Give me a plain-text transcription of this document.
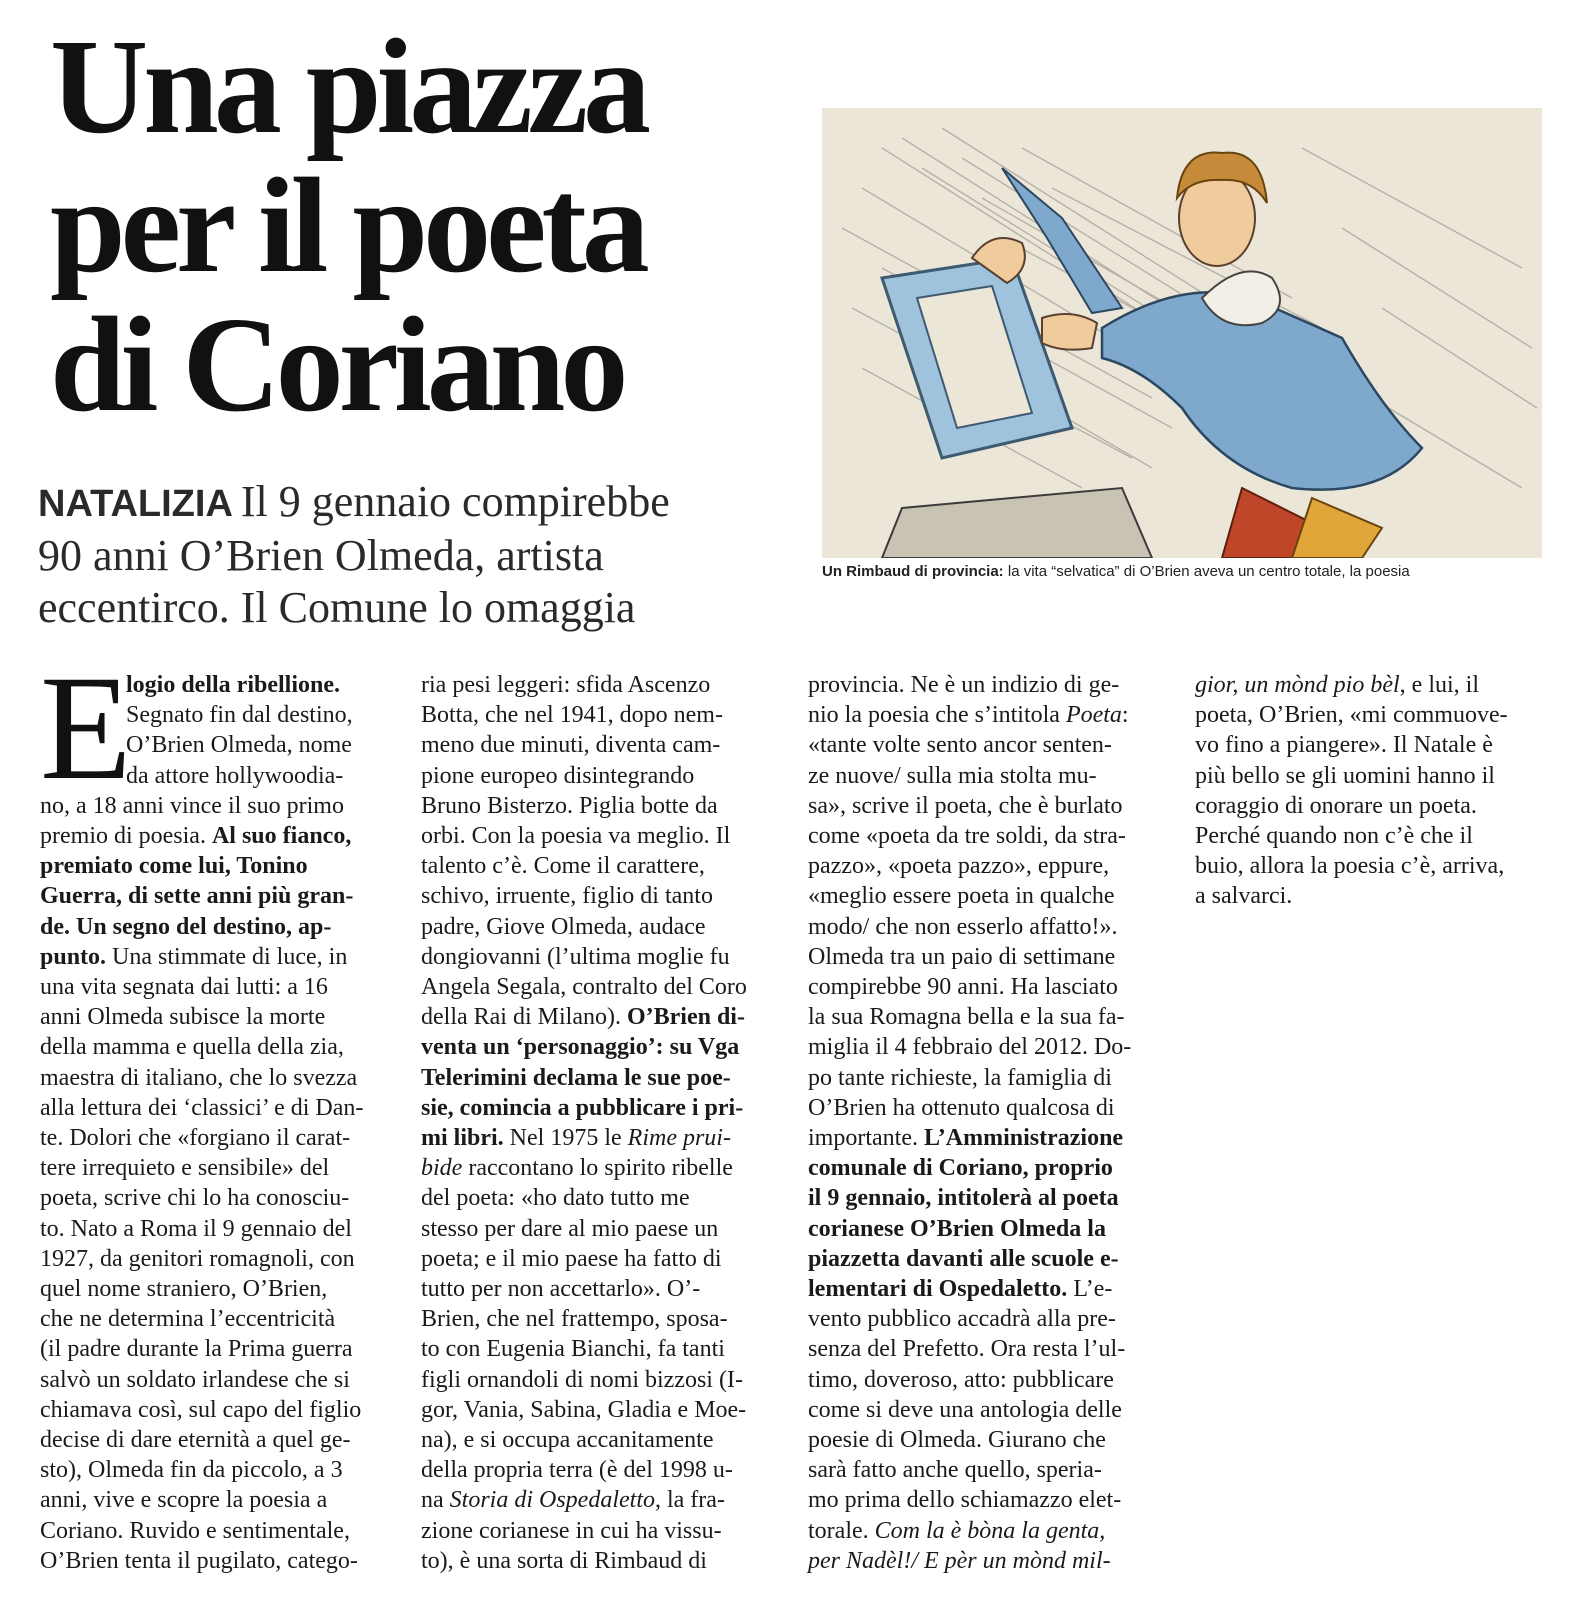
Una piazza
per il poeta
di Coriano
NATALIZIA Il 9 gennaio compirebbe
90 anni O’Brien Olmeda, artista
eccentirco. Il Comune lo omaggia
Un Rimbaud di provincia: la vita “selvatica” di O’Brien aveva un centro totale, la poesia
E
logio della ribellione.
Segnato fin dal destino,
O’Brien Olmeda, nome
da attore hollywoodia-
no, a 18 anni vince il suo primo
premio di poesia. Al suo fianco,
premiato come lui, Tonino
Guerra, di sette anni più gran-
de. Un segno del destino, ap-
punto. Una stimmate di luce, in
una vita segnata dai lutti: a 16
anni Olmeda subisce la morte
della mamma e quella della zia,
maestra di italiano, che lo svezza
alla lettura dei ‘classici’ e di Dan-
te. Dolori che «forgiano il carat-
tere irrequieto e sensibile» del
poeta, scrive chi lo ha conosciu-
to. Nato a Roma il 9 gennaio del
1927, da genitori romagnoli, con
quel nome straniero, O’Brien,
che ne determina l’eccentricità
(il padre durante la Prima guerra
salvò un soldato irlandese che si
chiamava così, sul capo del figlio
decise di dare eternità a quel ge-
sto), Olmeda fin da piccolo, a 3
anni, vive e scopre la poesia a
Coriano. Ruvido e sentimentale,
O’Brien tenta il pugilato, catego-
ria pesi leggeri: sfida Ascenzo
Botta, che nel 1941, dopo nem-
meno due minuti, diventa cam-
pione europeo disintegrando
Bruno Bisterzo. Piglia botte da
orbi. Con la poesia va meglio. Il
talento c’è. Come il carattere,
schivo, irruente, figlio di tanto
padre, Giove Olmeda, audace
dongiovanni (l’ultima moglie fu
Angela Segala, contralto del Coro
della Rai di Milano). O’Brien di-
venta un ‘personaggio’: su Vga
Telerimini declama le sue poe-
sie, comincia a pubblicare i pri-
mi libri. Nel 1975 le Rime prui-
bide raccontano lo spirito ribelle
del poeta: «ho dato tutto me
stesso per dare al mio paese un
poeta; e il mio paese ha fatto di
tutto per non accettarlo». O’-
Brien, che nel frattempo, sposa-
to con Eugenia Bianchi, fa tanti
figli ornandoli di nomi bizzosi (I-
gor, Vania, Sabina, Gladia e Moe-
na), e si occupa accanitamente
della propria terra (è del 1998 u-
na Storia di Ospedaletto, la fra-
zione corianese in cui ha vissu-
to), è una sorta di Rimbaud di
provincia. Ne è un indizio di ge-
nio la poesia che s’intitola Poeta:
«tante volte sento ancor senten-
ze nuove/ sulla mia stolta mu-
sa», scrive il poeta, che è burlato
come «poeta da tre soldi, da stra-
pazzo», «poeta pazzo», eppure,
«meglio essere poeta in qualche
modo/ che non esserlo affatto!».
Olmeda tra un paio di settimane
compirebbe 90 anni. Ha lasciato
la sua Romagna bella e la sua fa-
miglia il 4 febbraio del 2012. Do-
po tante richieste, la famiglia di
O’Brien ha ottenuto qualcosa di
importante. L’Amministrazione
comunale di Coriano, proprio
il 9 gennaio, intitolerà al poeta
corianese O’Brien Olmeda la
piazzetta davanti alle scuole e-
lementari di Ospedaletto. L’e-
vento pubblico accadrà alla pre-
senza del Prefetto. Ora resta l’ul-
timo, doveroso, atto: pubblicare
come si deve una antologia delle
poesie di Olmeda. Giurano che
sarà fatto anche quello, speria-
mo prima dello schiamazzo elet-
torale. Com la è bòna la genta,
per Nadèl!/ E pèr un mònd mil-
gior, un mònd pio bèl, e lui, il
poeta, O’Brien, «mi commuove-
vo fino a piangere». Il Natale è
più bello se gli uomini hanno il
coraggio di onorare un poeta.
Perché quando non c’è che il
buio, allora la poesia c’è, arriva,
a salvarci.
